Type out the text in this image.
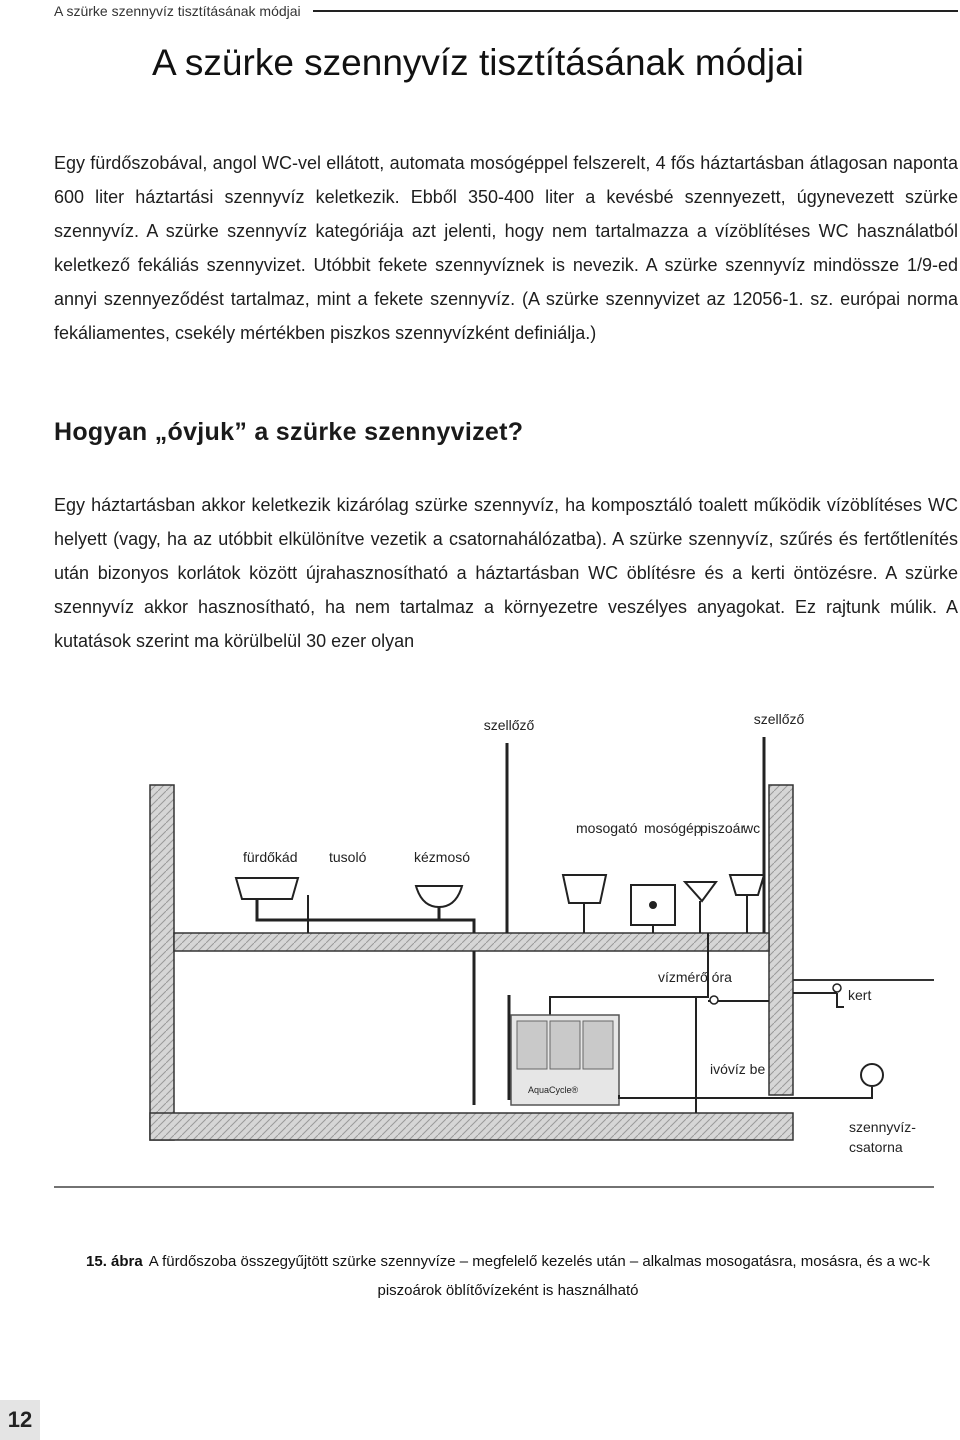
A szürke szennyvíz tisztításának módjai
A szürke szennyvíz tisztításának módjai

Egy fürdőszobával, angol WC-vel ellátott, automata mosógéppel felszerelt, 4 fős háztartásban átlagosan naponta 600 liter háztartási szennyvíz keletkezik. Ebből 350-400 liter a kevésbé szennyezett, úgynevezett szürke szennyvíz. A szürke szennyvíz kategóriája azt jelenti, hogy nem tartalmazza a vízöblítéses WC használatból keletkező fekáliás szennyvizet. Utóbbit fekete szennyvíznek is nevezik. A szürke szennyvíz mindössze 1/9-ed annyi szennyeződést tartalmaz, mint a fekete szennyvíz. (A szürke szennyvizet az 12056-1. sz. európai norma fekáliamentes, csekély mértékben piszkos szennyvízként definiálja.)

Hogyan „óvjuk” a szürke szennyvizet?

Egy háztartásban akkor keletkezik kizárólag szürke szennyvíz, ha komposztáló toalett működik vízöblítéses WC helyett (vagy, ha az utóbbit elkülönítve vezetik a csatornahálózatba). A szürke szennyvíz, szűrés és fertőtlenítés után bizonyos korlátok között újrahasznosítható a háztartásban WC öblítésre és a kerti öntözésre. A szürke szennyvíz akkor hasznosítható, ha nem tartalmaz a környezetre veszélyes anyagokat. Ez rajtunk múlik. A kutatások szerint ma körülbelül 30 ezer olyan

AquaCycle®
szellőző	szellőző
fürdőkád tusoló	kézmosó
mosogató mosógép
piszoár
wc
vízmérő óra
kert
ivóvíz be
szennyvíz-
csatorna
15. ábra A fürdőszoba összegyűjtött szürke szennyvíze – megfelelő kezelés után – alkalmas mosogatásra, mosásra, és a wc-k piszoárok öblítővízeként is használható
12
